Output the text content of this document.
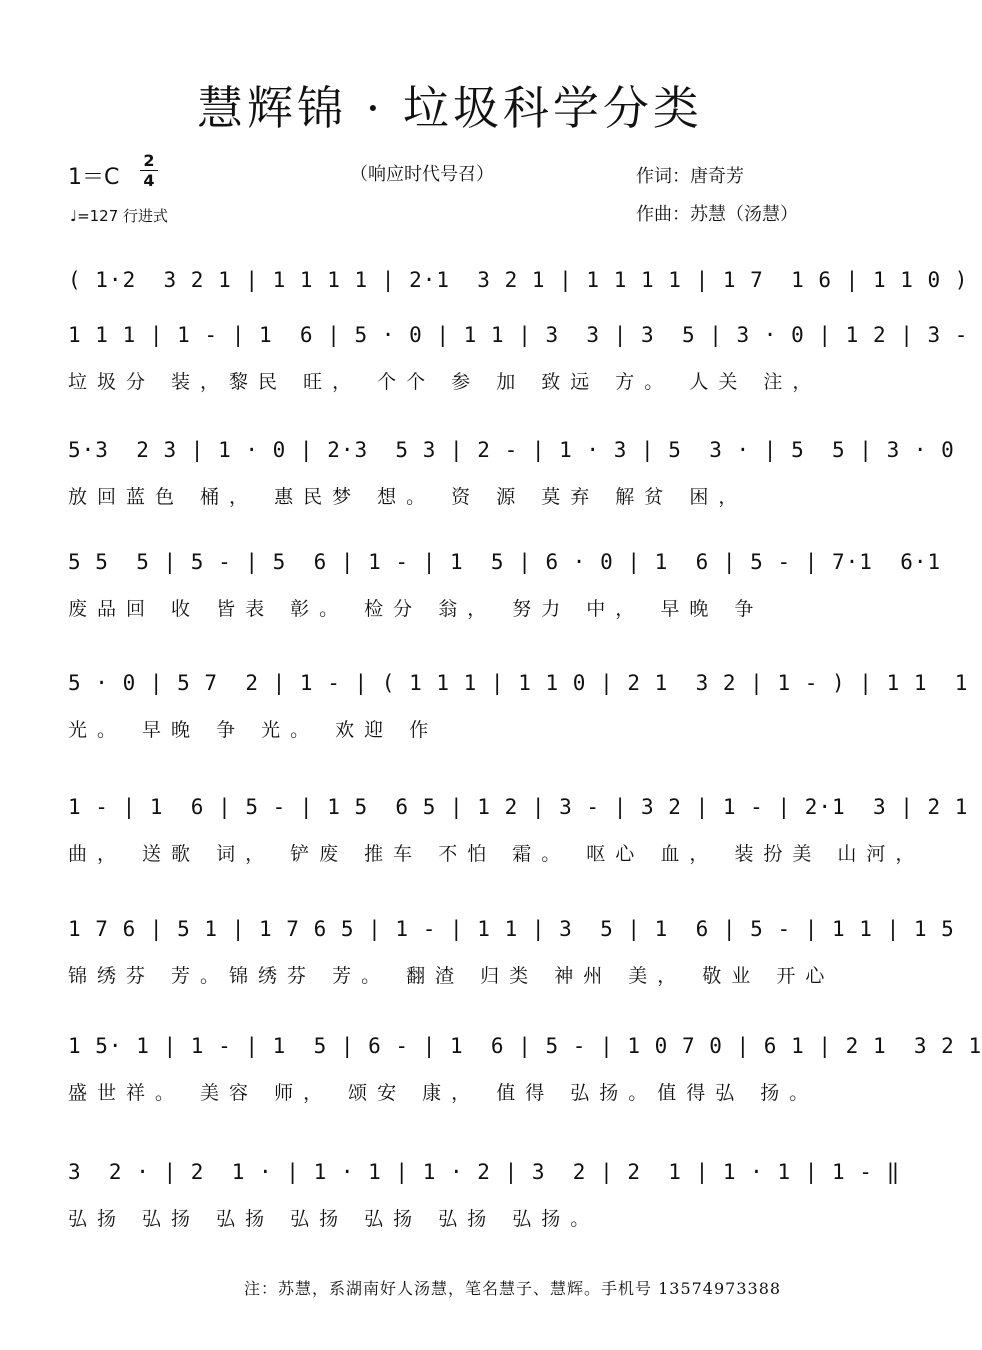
慧辉锦 · 垃圾科学分类
1＝C
2
4
♩=127 行进式
（响应时代号召）	作词：唐奇芳
作曲：苏慧（汤慧）
( 1·2  3 2 1 | 1 1 1 1 | 2·1  3 2 1 | 1 1 1 1 | 1 7  1 6 | 1 1 0 )
1 1 1 | 1 - | 1  6 | 5 · 0 | 1 1 | 3  3 | 3  5 | 3 · 0 | 1 2 | 3 -
垃圾分 装，黎民 旺， 个个 参 加 致远 方。 人关 注，
5·3  2 3 | 1 · 0 | 2·3  5 3 | 2 - | 1 · 3 | 5  3 · | 5  5 | 3 · 0
放回蓝色 桶， 惠民梦 想。 资 源 莫弃 解贫 困，
5 5  5 | 5 - | 5  6 | 1 - | 1  5 | 6 · 0 | 1  6 | 5 - | 7·1  6·1
废品回 收 皆表 彰。 检分 翁， 努力 中， 早晚 争
5 · 0 | 5 7  2 | 1 - | ( 1 1 1 | 1 1 0 | 2 1  3 2 | 1 - ) | 1 1  1
光。 早晚 争 光。 欢迎 作
1 - | 1  6 | 5 - | 1 5  6 5 | 1 2 | 3 - | 3 2 | 1 - | 2·1  3 | 2 1
曲， 送歌 词， 铲废 推车 不怕 霜。 呕心 血， 装扮美 山河，
1 7 6 | 5 1 | 1 7 6 5 | 1 - | 1 1 | 3  5 | 1  6 | 5 - | 1 1 | 1 5
锦绣芬 芳。锦绣芬 芳。 翻渣 归类 神州 美， 敬业 开心
1 5· 1 | 1 - | 1  5 | 6 - | 1  6 | 5 - | 1 0 7 0 | 6 1 | 2 1  3 2 1
盛世祥。 美容 师， 颂安 康， 值得 弘扬。值得弘 扬。
3  2 · | 2  1 · | 1 · 1 | 1 · 2 | 3  2 | 2  1 | 1 · 1 | 1 - ‖
弘扬 弘扬 弘扬 弘扬 弘扬 弘扬 弘扬。
注：苏慧，系湖南好人汤慧，笔名慧子、慧辉。手机号 13574973388
